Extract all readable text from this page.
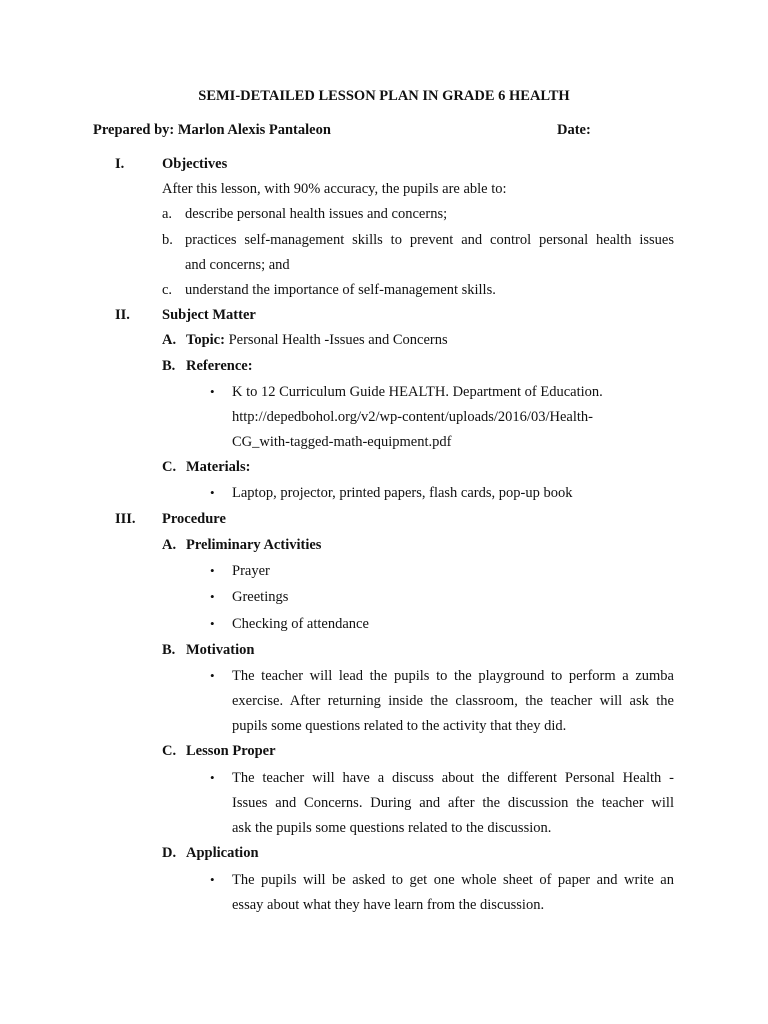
SEMI-DETAILED LESSON PLAN IN GRADE 6 HEALTH
Prepared by: Marlon Alexis Pantaleon	Date:
I.	Objectives
After this lesson, with 90% accuracy, the pupils are able to:
a. describe personal health issues and concerns;
b. practices self-management skills to prevent and control personal health issues
and concerns; and
c. understand the importance of self-management skills.
II. Subject Matter
A. Topic: Personal Health -Issues and Concerns
B. Reference:
• K to 12 Curriculum Guide HEALTH. Department of Education.
http://depedbohol.org/v2/wp-content/uploads/2016/03/Health-
CG_with-tagged-math-equipment.pdf
C. Materials:
• Laptop, projector, printed papers, flash cards, pop-up book
III. Procedure
A. Preliminary Activities
• Prayer
• Greetings
• Checking of attendance
B. Motivation
• The teacher will lead the pupils to the playground to perform a zumba
exercise. After returning inside the classroom, the teacher will ask the
pupils some questions related to the activity that they did.
C. Lesson Proper
• The teacher will have a discuss about the different Personal Health -
Issues and Concerns. During and after the discussion the teacher will
ask the pupils some questions related to the discussion.
D. Application
• The pupils will be asked to get one whole sheet of paper and write an
essay about what they have learn from the discussion.
